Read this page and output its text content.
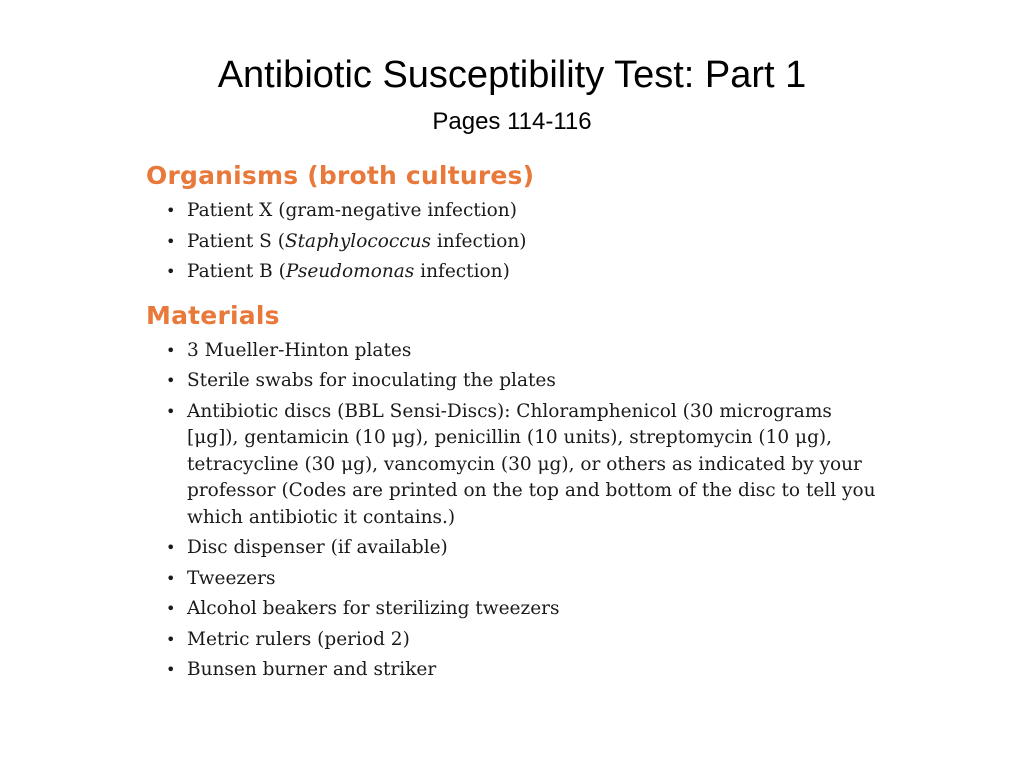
Antibiotic Susceptibility Test: Part 1
Pages 114-116
Organisms (broth cultures)
• Patient X (gram-negative infection)
• Patient S (Staphylococcus infection)
• Patient B (Pseudomonas infection)
Materials
• 3 Mueller-Hinton plates
• Sterile swabs for inoculating the plates
• Antibiotic discs (BBL Sensi-Discs): Chloramphenicol (30 micrograms [μg]), gentamicin (10 μg), penicillin (10 units), streptomycin (10 μg), tetracycline (30 μg), vancomycin (30 μg), or others as indicated by your professor (Codes are printed on the top and bottom of the disc to tell you which antibiotic it contains.)
• Disc dispenser (if available)
• Tweezers
• Alcohol beakers for sterilizing tweezers
• Metric rulers (period 2)
• Bunsen burner and striker
